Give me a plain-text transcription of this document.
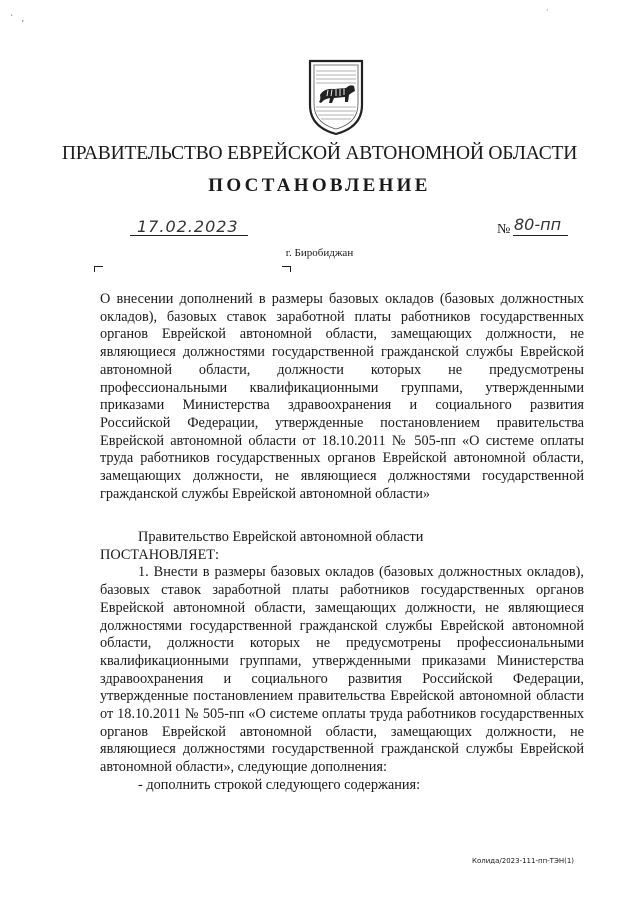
`   ,
·
ПРАВИТЕЛЬСТВО ЕВРЕЙСКОЙ АВТОНОМНОЙ ОБЛАСТИ
ПОСТАНОВЛЕНИЕ
17.02.2023	№ 80-пп
г. Биробиджан
О внесении дополнений в размеры базовых окладов (базовых должностных окладов), базовых ставок заработной платы работников государственных органов Еврейской автономной области, замещающих должности, не являющиеся должностями государственной гражданской службы Еврейской автономной области, должности которых не предусмотрены профессиональными квалификационными группами, утвержденными приказами Министерства здравоохранения и социального развития Российской Федерации, утвержденные постановлением правительства Еврейской автономной области от 18.10.2011 № 505-пп «О системе оплаты труда работников государственных органов Еврейской автономной области, замещающих должности, не являющиеся должностями государственной гражданской службы Еврейской автономной области»

Правительство Еврейской автономной области

ПОСТАНОВЛЯЕТ:

1. Внести в размеры базовых окладов (базовых должностных окладов), базовых ставок заработной платы работников государственных органов Еврейской автономной области, замещающих должности, не являющиеся должностями государственной гражданской службы Еврейской автономной области, должности которых не предусмотрены профессиональными квалификационными группами, утвержденными приказами Министерства здравоохранения и социального развития Российской Федерации, утвержденные постановлением правительства Еврейской автономной области от 18.10.2011 № 505-пп «О системе оплаты труда работников государственных органов Еврейской автономной области, замещающих должности, не являющиеся должностями государственной гражданской службы Еврейской автономной области», следующие дополнения:

- дополнить строкой следующего содержания:

Колида/2023-111-пп-ТЭН(1)
